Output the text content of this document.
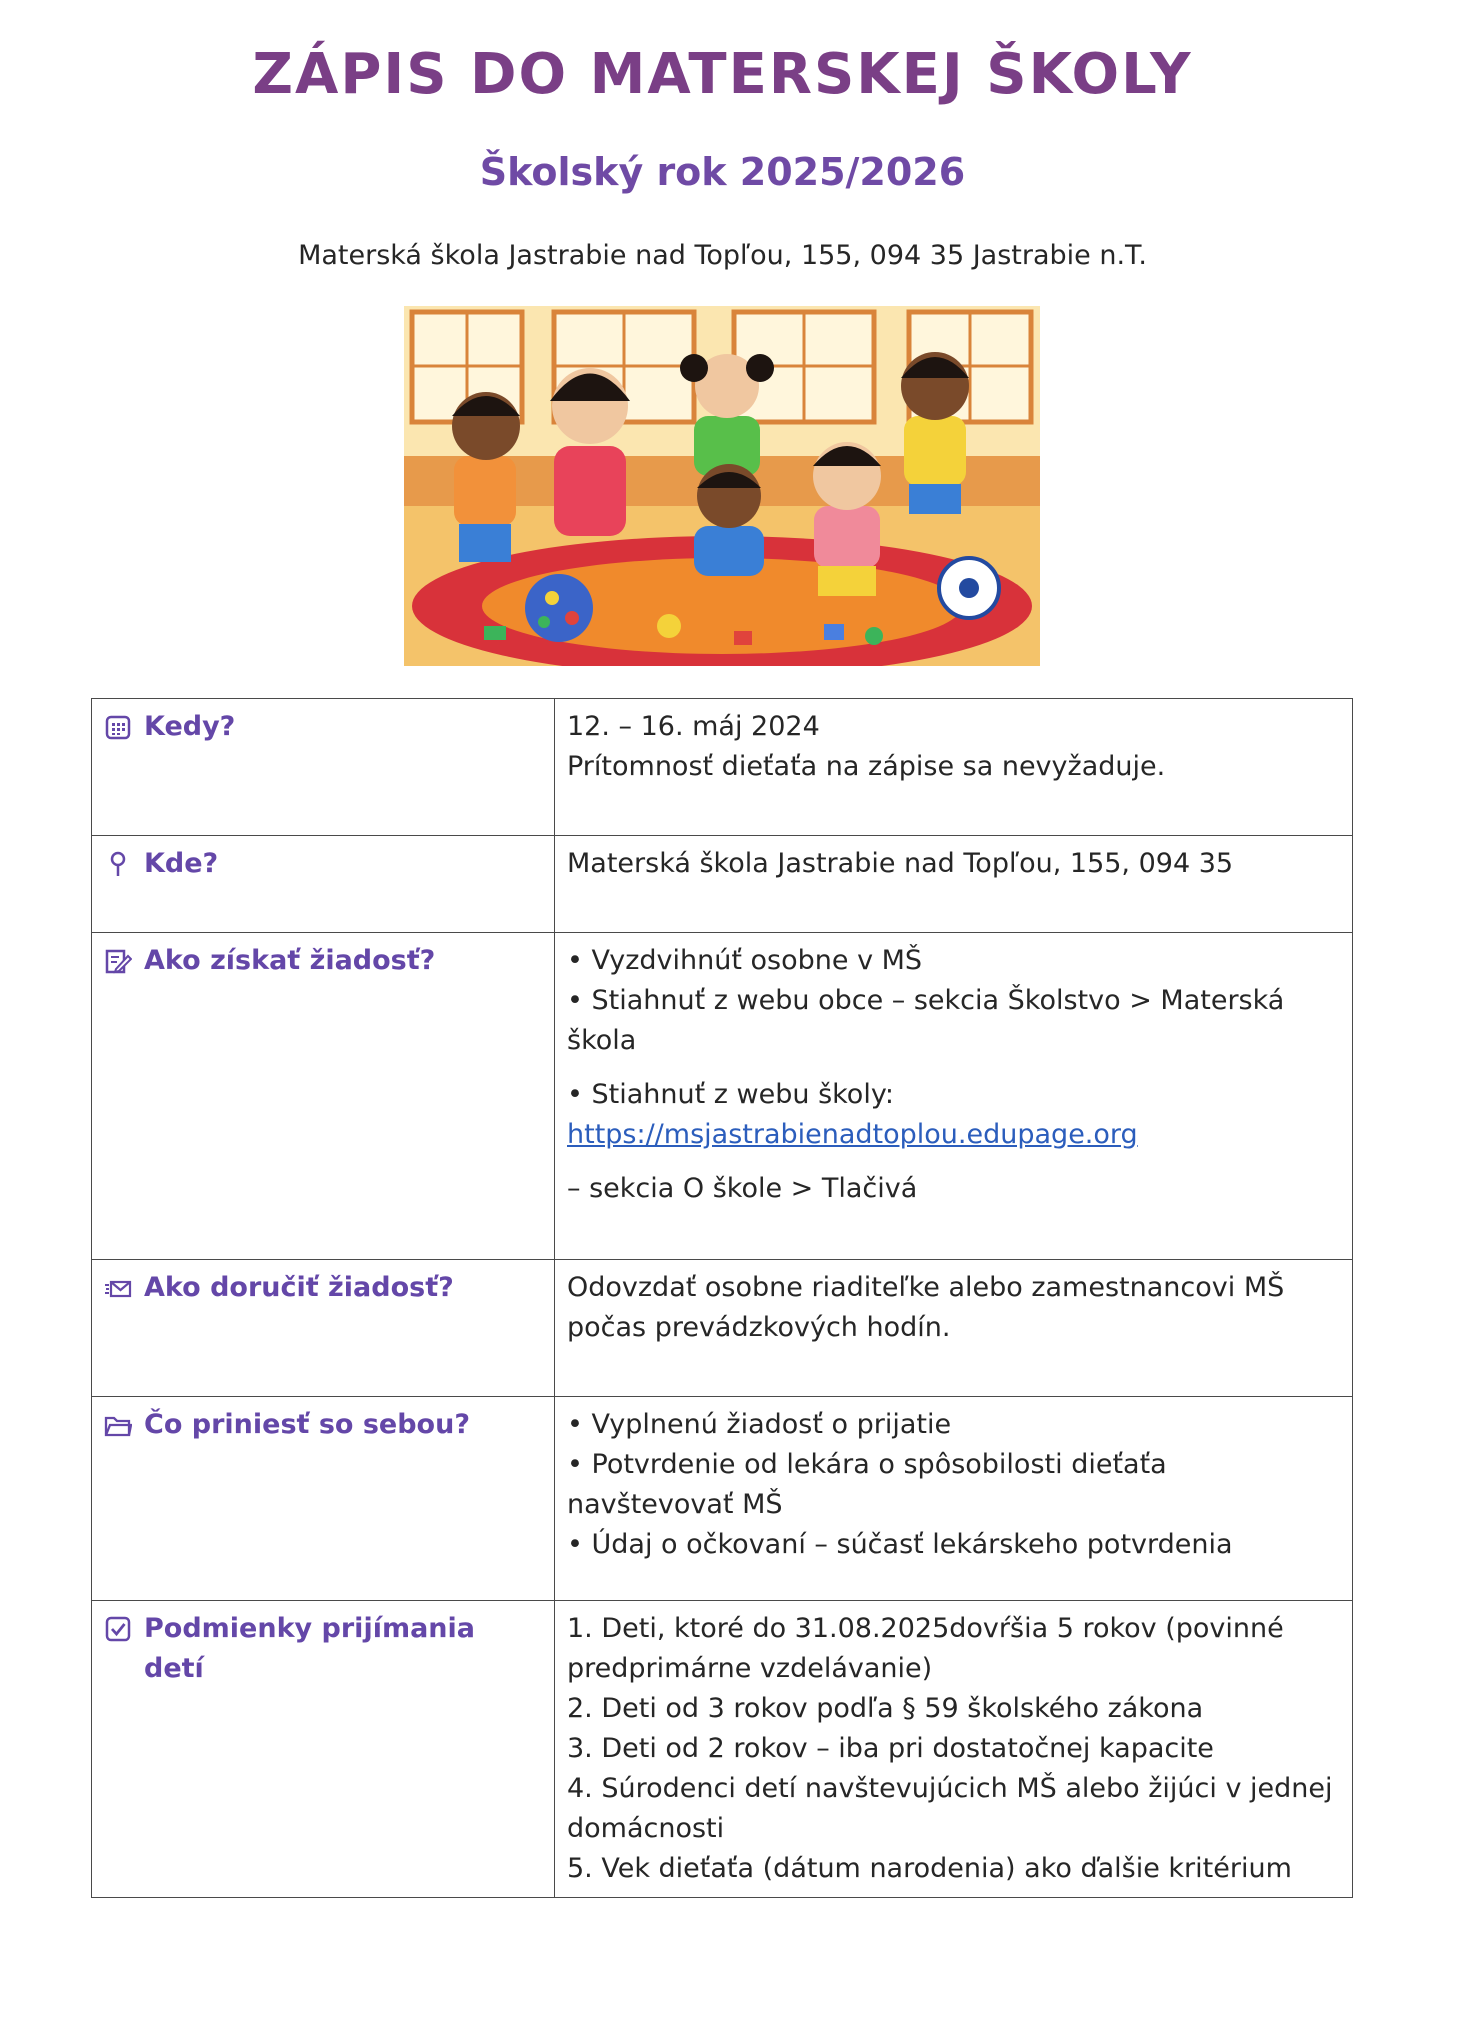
ZÁPIS DO MATERSKEJ ŠKOLY
Školský rok 2025/2026

Materská škola Jastrabie nad Topľou, 155, 094 35 Jastrabie n.T.

Kedy?	12. – 16. máj 2024
Prítomnosť dieťaťa na zápise sa nevyžaduje.

Kde?	Materská škola Jastrabie nad Topľou, 155, 094 35

Ako získať žiadosť?	• Vyzdvihnúť osobne v MŠ
• Stiahnuť z webu obce – sekcia Školstvo > Materská škola
• Stiahnuť z webu školy:
https://msjastrabienadtoplou.edupage.org
– sekcia O škole > Tlačivá

Ako doručiť žiadosť?	Odovzdať osobne riaditeľke alebo zamestnancovi MŠ počas prevádzkových hodín.

Čo priniesť so sebou?	• Vyplnenú žiadosť o prijatie
• Potvrdenie od lekára o spôsobilosti dieťaťa navštevovať MŠ
• Údaj o očkovaní – súčasť lekárskeho potvrdenia

Podmienky prijímania detí	1. Deti, ktoré do 31.08.2025dovŕšia 5 rokov (povinné predprimárne vzdelávanie)
2. Deti od 3 rokov podľa § 59 školského zákona
3. Deti od 2 rokov – iba pri dostatočnej kapacite
4. Súrodenci detí navštevujúcich MŠ alebo žijúci v jednej domácnosti
5. Vek dieťaťa (dátum narodenia) ako ďalšie kritérium
